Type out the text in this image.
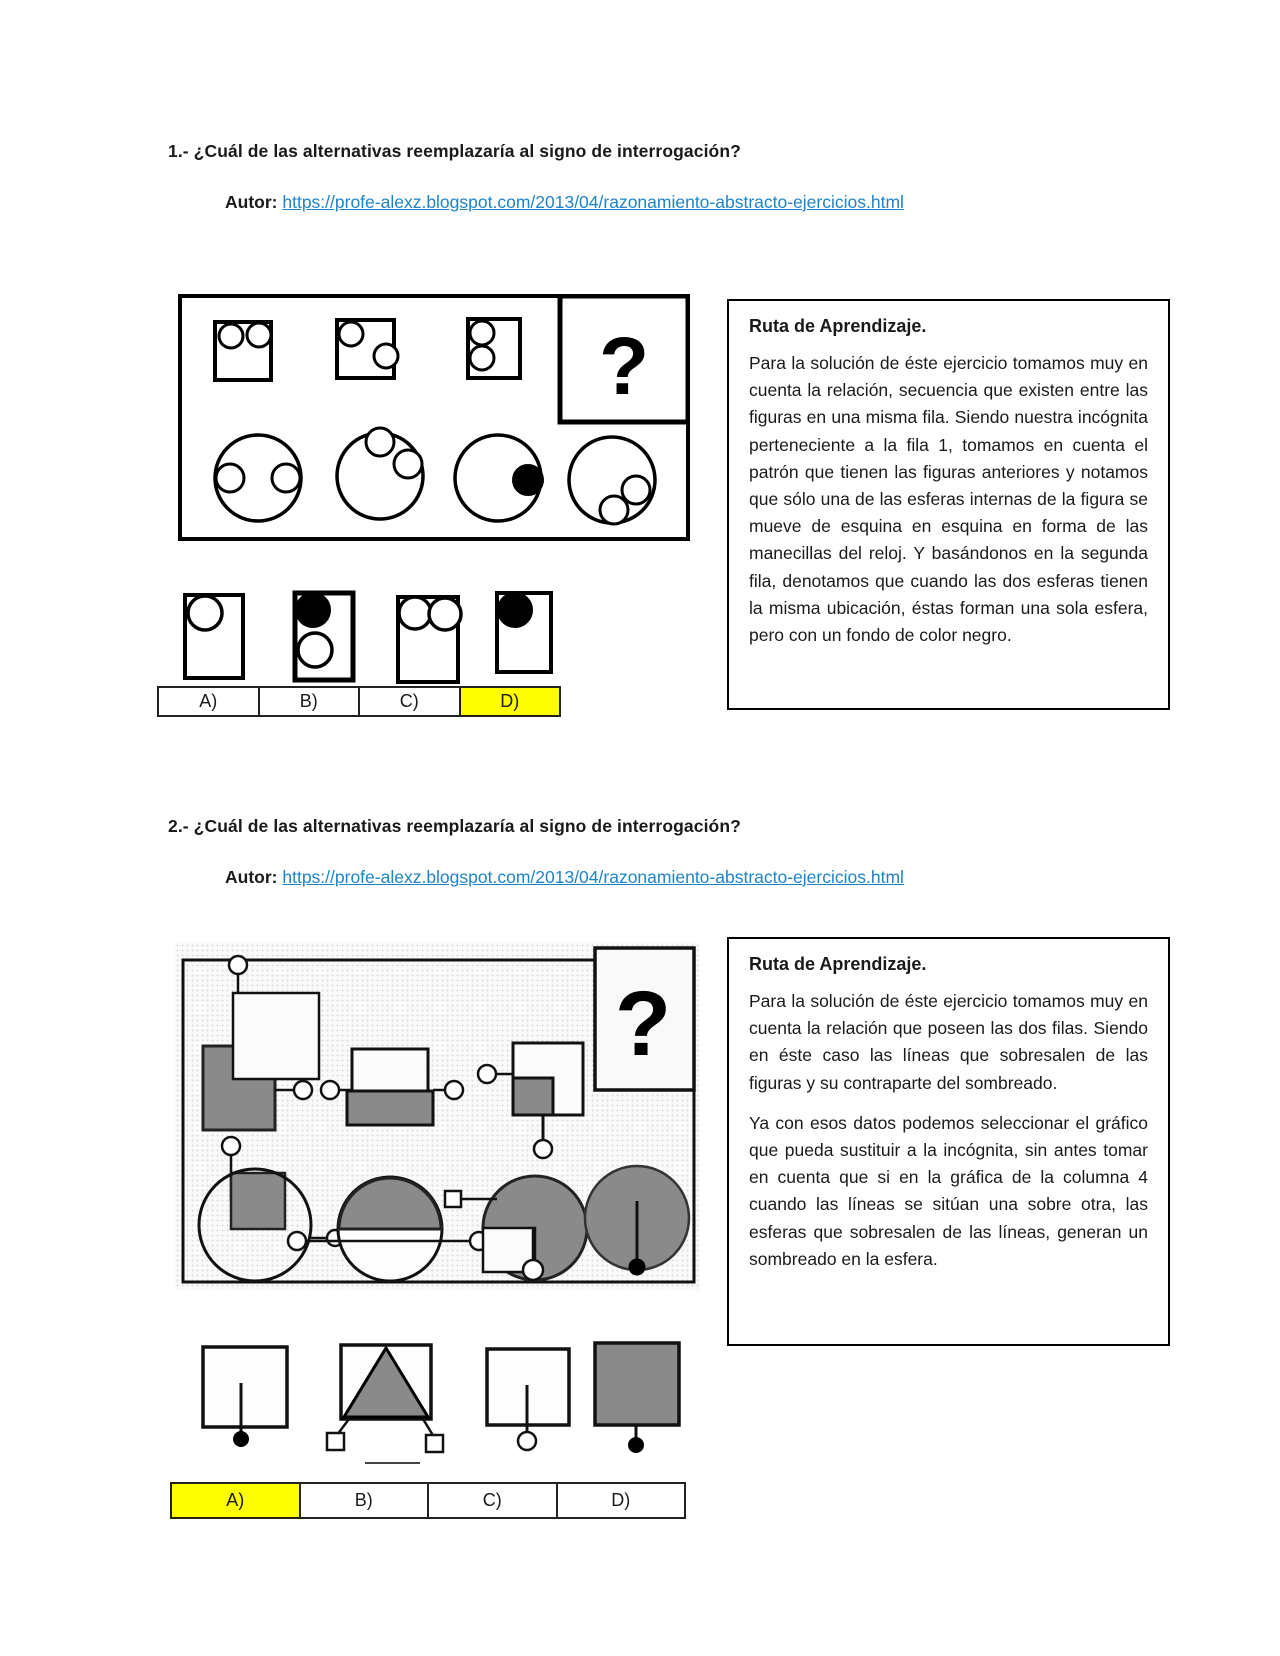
1.- ¿Cuál de las alternativas reemplazaría al signo de interrogación?
Autor: https://profe-alexz.blogspot.com/2013/04/razonamiento-abstracto-ejercicios.html
?
A)	B)	C)	D)
Ruta de Aprendizaje.

Para la solución de éste ejercicio tomamos muy en cuenta la relación, secuencia que existen entre las figuras en una misma fila. Siendo nuestra incógnita perteneciente a la fila 1, tomamos en cuenta el patrón que tienen las figuras anteriores y notamos que sólo una de las esferas internas de la figura se mueve de esquina en esquina en forma de las manecillas del reloj. Y basándonos en la segunda fila, denotamos que cuando las dos esferas tienen la misma ubicación, éstas forman una sola esfera, pero con un fondo de color negro.

2.- ¿Cuál de las alternativas reemplazaría al signo de interrogación?
Autor: https://profe-alexz.blogspot.com/2013/04/razonamiento-abstracto-ejercicios.html
?
A)	B)	C)	D)
Ruta de Aprendizaje.

Para la solución de éste ejercicio tomamos muy en cuenta la relación que poseen las dos filas. Siendo en éste caso las líneas que sobresalen de las figuras y su contraparte del sombreado.

Ya con esos datos podemos seleccionar el gráfico que pueda sustituir a la incógnita, sin antes tomar en cuenta que si en la gráfica de la columna 4 cuando las líneas se sitúan una sobre otra, las esferas que sobresalen de las líneas, generan un sombreado en la esfera.
